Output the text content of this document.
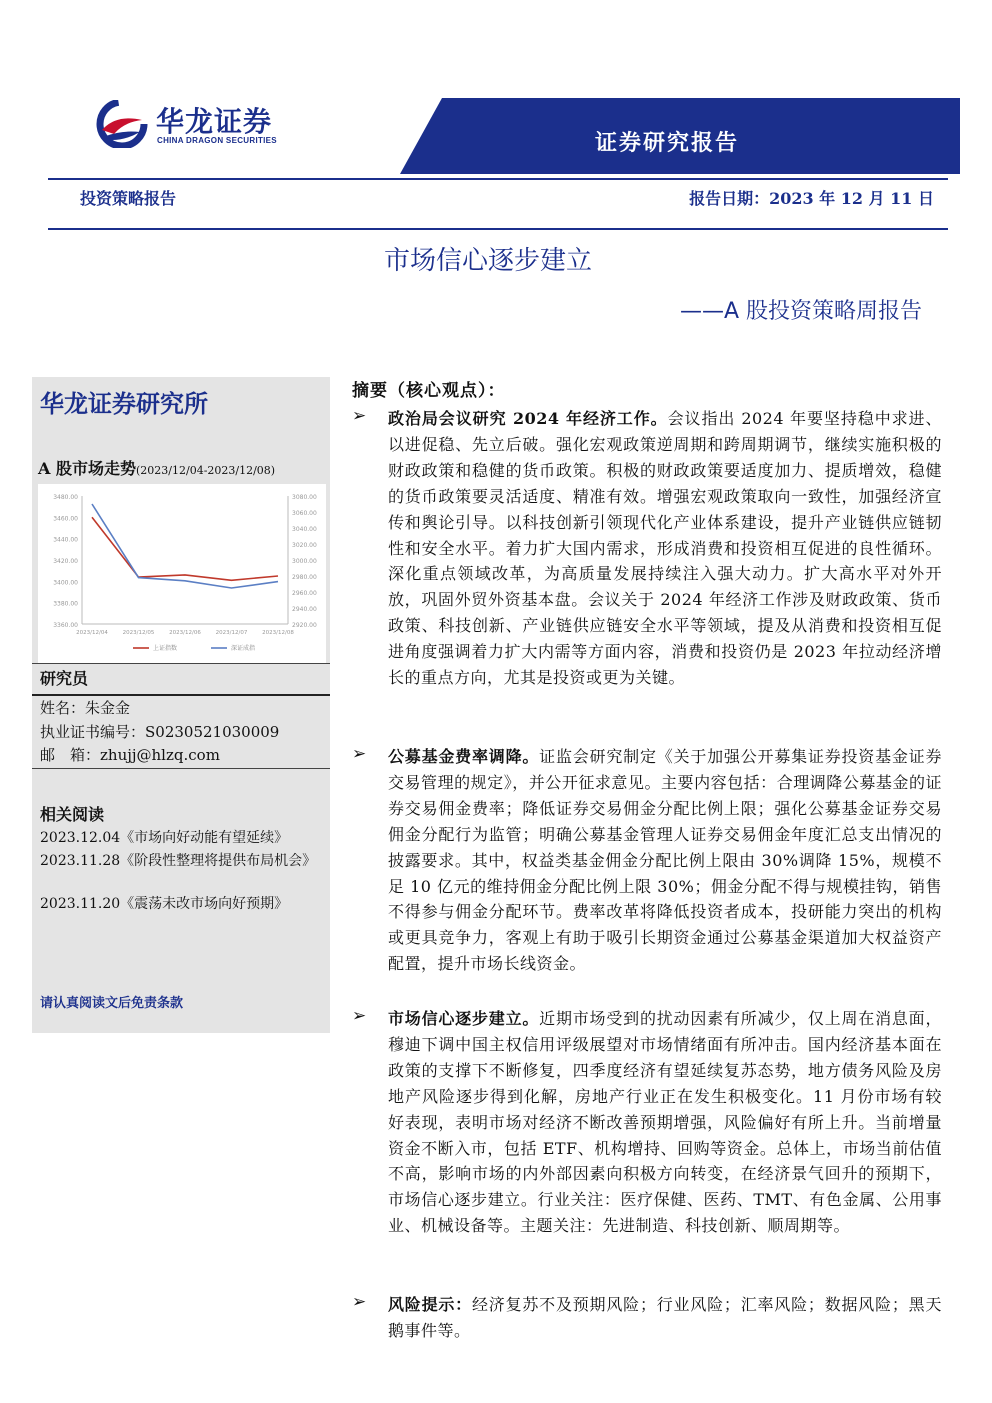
华龙证券
CHINA DRAGON SECURITIES	证券研究报告
投资策略报告	报告日期：2023 年 12 月 11 日
市场信心逐步建立
——A 股投资策略周报告
华龙证券研究所
A 股市场走势(2023/12/04-2023/12/08)
3480.00
3460.00
3440.00
3420.00
3400.00
3380.00
3360.00
3080.00
3060.00
3040.00
3020.00
3000.00
2980.00
2960.00
2940.00
2920.00
2023/12/04	2023/12/05	2023/12/06	2023/12/07	2023/12/08
上证指数	深证成指
研究员
姓名：朱金金
执业证书编号：S0230521030009
邮　箱：zhujj@hlzq.com
相关阅读
2023.12.04《市场向好动能有望延续》
2023.11.28《阶段性整理将提供布局机会》
2023.11.20《震荡未改市场向好预期》
请认真阅读文后免责条款
摘要（核心观点）：
➢ 政治局会议研究 2024 年经济工作。会议指出 2024 年要坚持稳中求进、以进促稳、先立后破。强化宏观政策逆周期和跨周期调节，继续实施积极的财政政策和稳健的货币政策。积极的财政政策要适度加力、提质增效，稳健的货币政策要灵活适度、精准有效。增强宏观政策取向一致性，加强经济宣传和舆论引导。以科技创新引领现代化产业体系建设，提升产业链供应链韧性和安全水平。着力扩大国内需求，形成消费和投资相互促进的良性循环。深化重点领域改革，为高质量发展持续注入强大动力。扩大高水平对外开放，巩固外贸外资基本盘。会议关于 2024 年经济工作涉及财政政策、货币政策、科技创新、产业链供应链安全水平等领域，提及从消费和投资相互促进角度强调着力扩大内需等方面内容，消费和投资仍是 2023 年拉动经济增长的重点方向，尤其是投资或更为关键。
➢ 公募基金费率调降。证监会研究制定《关于加强公开募集证券投资基金证券交易管理的规定》，并公开征求意见。主要内容包括：合理调降公募基金的证券交易佣金费率；降低证券交易佣金分配比例上限；强化公募基金证券交易佣金分配行为监管；明确公募基金管理人证券交易佣金年度汇总支出情况的披露要求。其中，权益类基金佣金分配比例上限由 30%调降 15%，规模不足 10 亿元的维持佣金分配比例上限 30%；佣金分配不得与规模挂钩，销售不得参与佣金分配环节。费率改革将降低投资者成本，投研能力突出的机构或更具竞争力，客观上有助于吸引长期资金通过公募基金渠道加大权益资产配置，提升市场长线资金。
➢ 市场信心逐步建立。近期市场受到的扰动因素有所减少，仅上周在消息面，穆迪下调中国主权信用评级展望对市场情绪面有所冲击。国内经济基本面在政策的支撑下不断修复，四季度经济有望延续复苏态势，地方债务风险及房地产风险逐步得到化解，房地产行业正在发生积极变化。11 月份市场有较好表现，表明市场对经济不断改善预期增强，风险偏好有所上升。当前增量资金不断入市，包括 ETF、机构增持、回购等资金。总体上，市场当前估值不高，影响市场的内外部因素向积极方向转变，在经济景气回升的预期下，市场信心逐步建立。行业关注：医疗保健、医药、TMT、有色金属、公用事业、机械设备等。主题关注：先进制造、科技创新、顺周期等。
➢ 风险提示：经济复苏不及预期风险；行业风险；汇率风险；数据风险；黑天鹅事件等。
